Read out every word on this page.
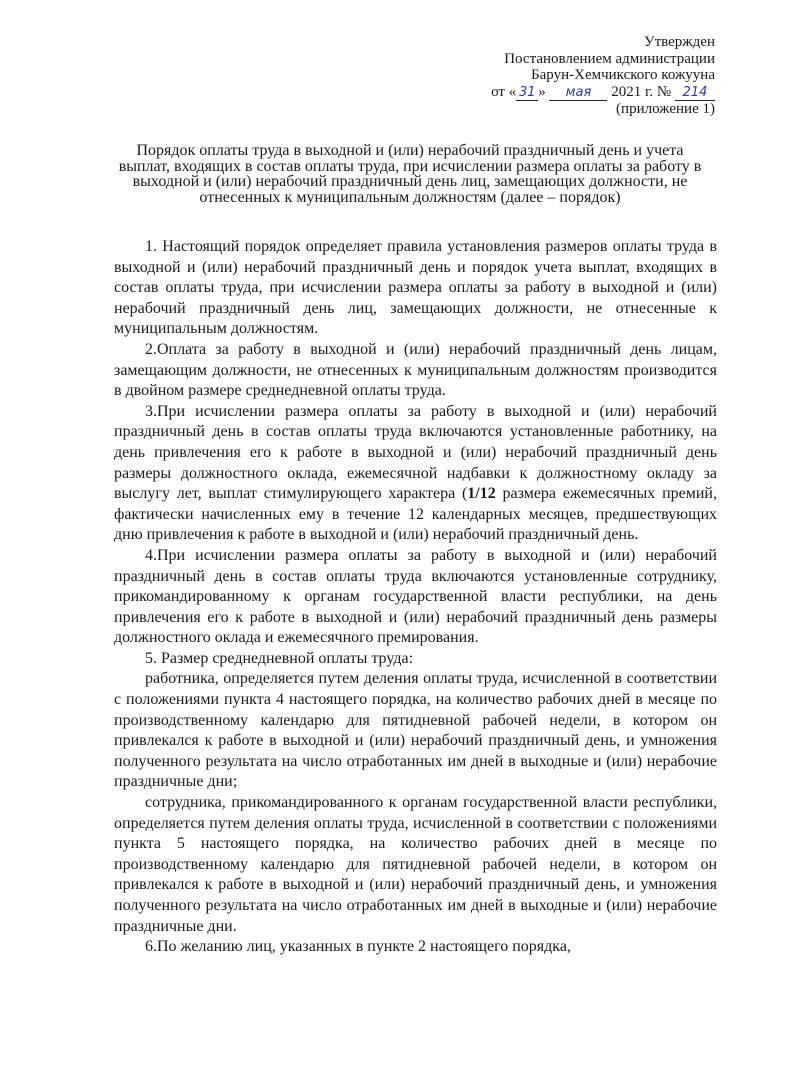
Утвержден
Постановлением администрации
Барун-Хемчикского кожууна
от « 31 » мая 2021 г. № 214
(приложение 1)
Порядок оплаты труда в выходной и (или) нерабочий праздничный день и учета выплат, входящих в состав оплаты труда, при исчислении размера оплаты за работу в выходной и (или) нерабочий праздничный день лиц, замещающих должности, не отнесенных к муниципальным должностям (далее – порядок)

1. Настоящий порядок определяет правила установления размеров оплаты труда в выходной и (или) нерабочий праздничный день и порядок учета выплат, входящих в состав оплаты труда, при исчислении размера оплаты за работу в выходной и (или) нерабочий праздничный день лиц, замещающих должности, не отнесенные к муниципальным должностям.

2.Оплата за работу в выходной и (или) нерабочий праздничный день лицам, замещающим должности, не отнесенных к муниципальным должностям производится в двойном размере среднедневной оплаты труда.

3.При исчислении размера оплаты за работу в выходной и (или) нерабочий праздничный день в состав оплаты труда включаются установленные работнику, на день привлечения его к работе в выходной и (или) нерабочий праздничный день размеры должностного оклада, ежемесячной надбавки к должностному окладу за выслугу лет, выплат стимулирующего характера (1/12 размера ежемесячных премий, фактически начисленных ему в течение 12 календарных месяцев, предшествующих дню привлечения к работе в выходной и (или) нерабочий праздничный день.

4.При исчислении размера оплаты за работу в выходной и (или) нерабочий праздничный день в состав оплаты труда включаются установленные сотруднику, прикомандированному к органам государственной власти республики, на день привлечения его к работе в выходной и (или) нерабочий праздничный день размеры должностного оклада и ежемесячного премирования.

5. Размер среднедневной оплаты труда:

работника, определяется путем деления оплаты труда, исчисленной в соответствии с положениями пункта 4 настоящего порядка, на количество рабочих дней в месяце по производственному календарю для пятидневной рабочей недели, в котором он привлекался к работе в выходной и (или) нерабочий праздничный день, и умножения полученного результата на число отработанных им дней в выходные и (или) нерабочие праздничные дни;

сотрудника, прикомандированного к органам государственной власти республики, определяется путем деления оплаты труда, исчисленной в соответствии с положениями пункта 5 настоящего порядка, на количество рабочих дней в месяце по производственному календарю для пятидневной рабочей недели, в котором он привлекался к работе в выходной и (или) нерабочий праздничный день, и умножения полученного результата на число отработанных им дней в выходные и (или) нерабочие праздничные дни.

6.По желанию лиц, указанных в пункте 2 настоящего порядка,
